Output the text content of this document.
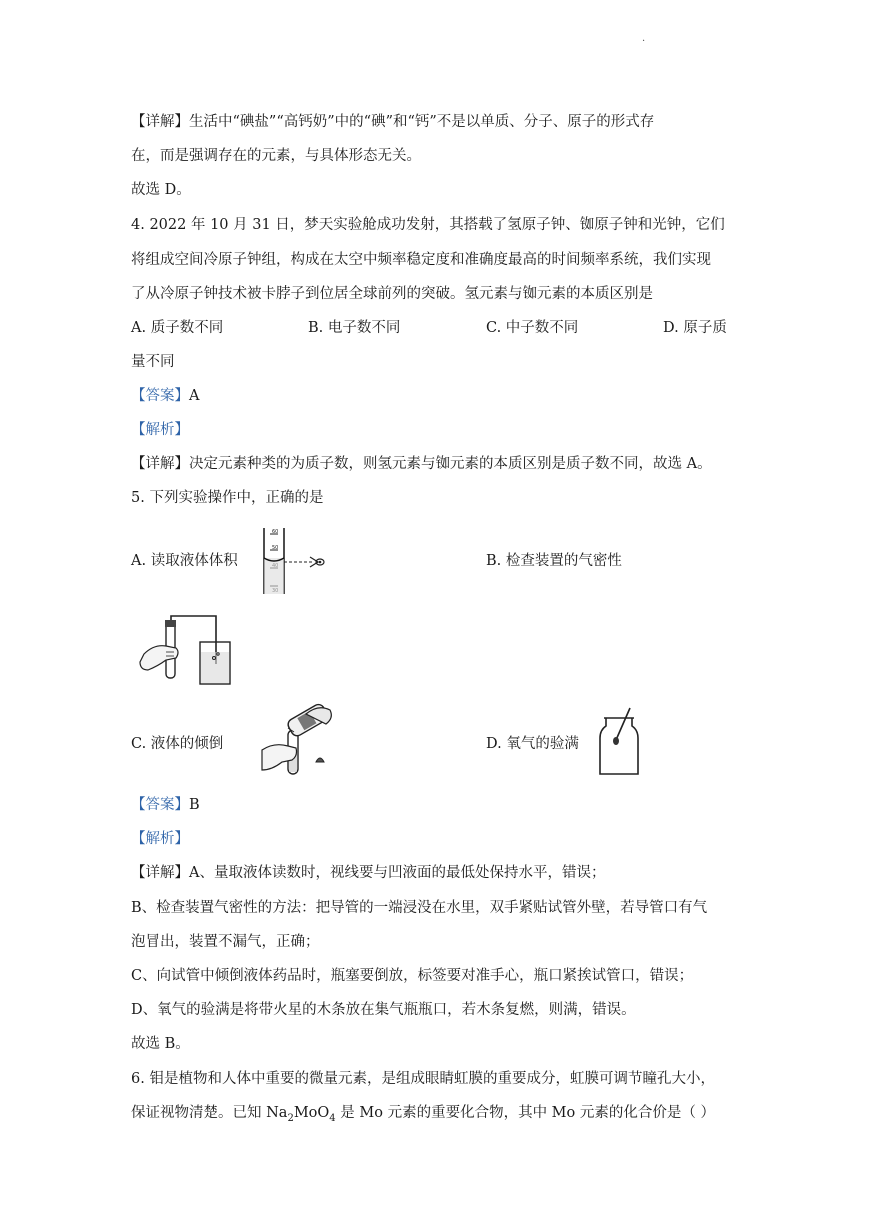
·
【详解】生活中“碘盐”“高钙奶”中的“碘”和“钙”不是以单质、分子、原子的形式存
在，而是强调存在的元素，与具体形态无关。
故选 D。
4. 2022 年 10 月 31 日，梦天实验舱成功发射，其搭载了氢原子钟、铷原子钟和光钟，它们
将组成空间冷原子钟组，构成在太空中频率稳定度和准确度最高的时间频率系统，我们实现
了从冷原子钟技术被卡脖子到位居全球前列的突破。氢元素与铷元素的本质区别是
A. 质子数不同	B. 电子数不同	C. 中子数不同	D. 原子质
量不同
【答案】A
【解析】
【详解】决定元素种类的为质子数，则氢元素与铷元素的本质区别是质子数不同，故选 A。
5. 下列实验操作中，正确的是
A. 读取液体体积	B. 检查装置的气密性
60
50
C. 液体的倾倒	D. 氧气的验满
【答案】B
【解析】
【详解】A、量取液体读数时，视线要与凹液面的最低处保持水平，错误；
B、检查装置气密性的方法：把导管的一端浸没在水里，双手紧贴试管外壁，若导管口有气
泡冒出，装置不漏气，正确；
C、向试管中倾倒液体药品时，瓶塞要倒放，标签要对准手心，瓶口紧挨试管口，错误；
D、氧气的验满是将带火星的木条放在集气瓶瓶口，若木条复燃，则满，错误。
故选 B。
6. 钼是植物和人体中重要的微量元素，是组成眼睛虹膜的重要成分，虹膜可调节瞳孔大小，
保证视物清楚。已知 $Na_2MoO_4$ 是 Mo 元素的重要化合物，其中 Mo 元素的化合价是（ ）
